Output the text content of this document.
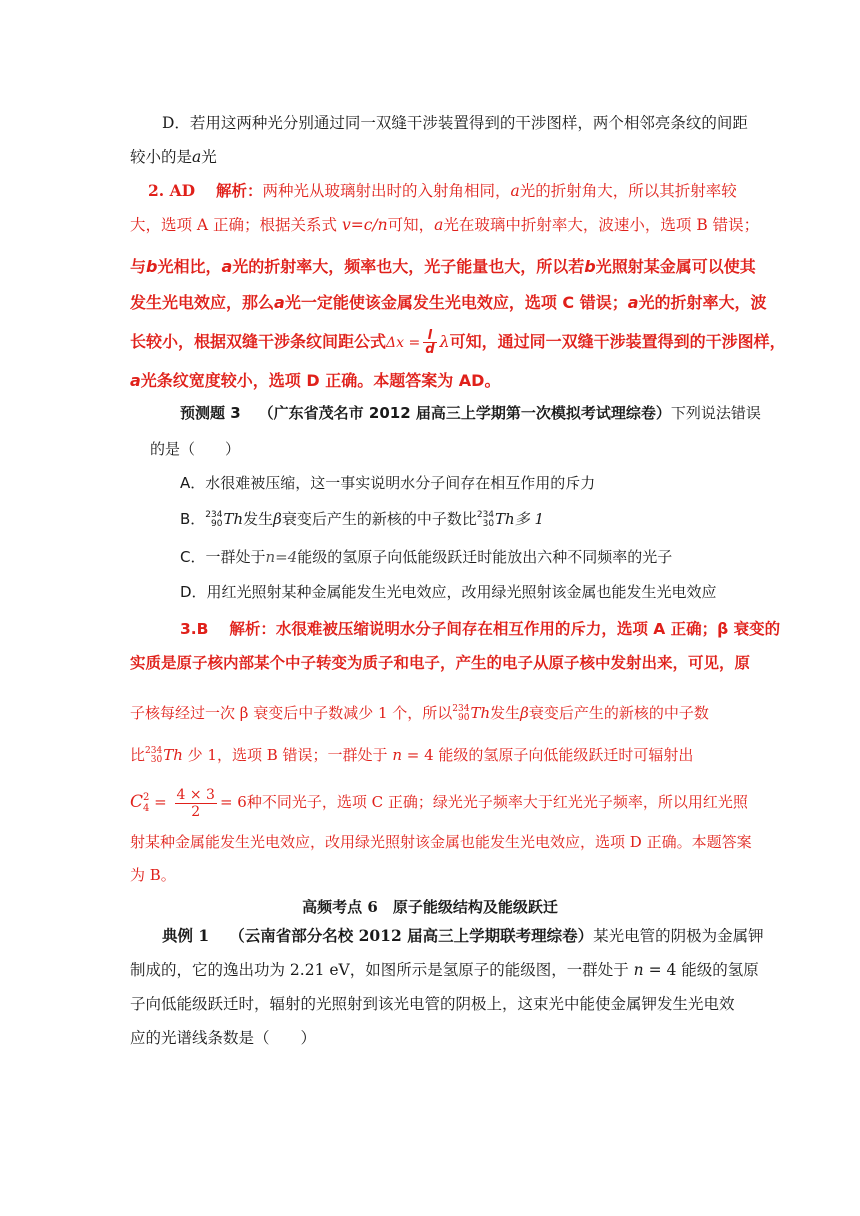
D．若用这两种光分别通过同一双缝干涉装置得到的干涉图样，两个相邻亮条纹的间距
较小的是a光
2. AD　 解析：两种光从玻璃射出时的入射角相同，a光的折射角大，所以其折射率较
大，选项 A 正确；根据关系式 v=c/n可知，a光在玻璃中折射率大，波速小，选项 B 错误；
与b光相比，a光的折射率大，频率也大，光子能量也大，所以若b光照射某金属可以使其
发生光电效应，那么a光一定能使该金属发生光电效应，选项 C 错误；a光的折射率大，波
长较小，根据双缝干涉条纹间距公式$\Delta x = \frac{l}{d}$ λ可知，通过同一双缝干涉装置得到的干涉图样，
a光条纹宽度较小，选项 D 正确。本题答案为 AD。
预测题 3 （广东省茂名市 2012 届高三上学期第一次模拟考试理综卷）下列说法错误
的是（　　）
A．水很难被压缩，这一事实说明水分子间存在相互作用的斥力
B． 234
90 Th发生β衰变后产生的新核的中子数比 234
30 Th多 1
C．一群处于n=4能级的氢原子向低能级跃迁时能放出六种不同频率的光子
D．用红光照射某种金属能发生光电效应，改用绿光照射该金属也能发生光电效应
3.B　 解析：水很难被压缩说明水分子间存在相互作用的斥力，选项 A 正确；β 衰变的
实质是原子核内部某个中子转变为质子和电子，产生的电子从原子核中发射出来，可见，原
子核每经过一次 β 衰变后中子数减少 1 个，所以 234
90 Th发生β衰变后产生的新核的中子数
比 234
30 Th 少 1，选项 B 错误；一群处于 n = 4 能级的氢原子向低能级跃迁时可辐射出
C 2
$4 = \frac{4 \times 3}{2} = 6$种不同光子，选项 C 正确；绿光光子频率大于红光光子频率，所以用红光照
射某种金属能发生光电效应，改用绿光照射该金属也能发生光电效应，选项 D 正确。本题答案
为 B。
高频考点 6　原子能级结构及能级跃迁
典例 1 （云南省部分名校 2012 届高三上学期联考理综卷）某光电管的阴极为金属钾
制成的，它的逸出功为 2.21 eV，如图所示是氢原子的能级图，一群处于 n = 4 能级的氢原
子向低能级跃迁时，辐射的光照射到该光电管的阴极上，这束光中能使金属钾发生光电效
应的光谱线条数是（　　）
